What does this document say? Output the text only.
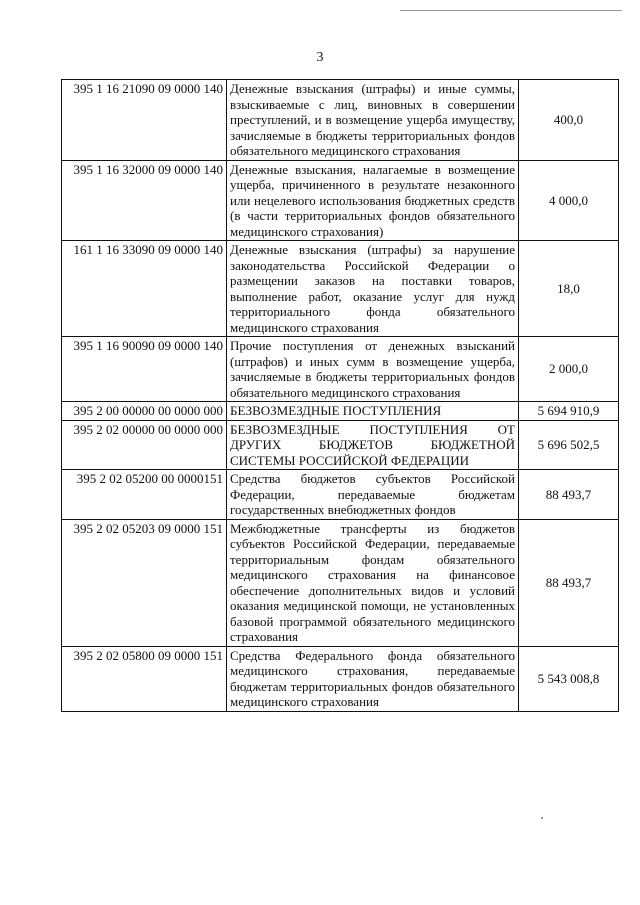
3
395 1 16 21090 09 0000 140	Денежные взыскания (штрафы) и иные суммы, взыскиваемые с лиц, виновных в совершении преступлений, и в возмещение ущерба имуществу, зачисляемые в бюджеты территориальных фондов обязательного медицинского страхования	400,0
395 1 16 32000 09 0000 140	Денежные взыскания, налагаемые в возмещение ущерба, причиненного в результате незаконного или нецелевого использования бюджетных средств (в части территориальных фондов обязательного медицинского страхования)	4 000,0
161 1 16 33090 09 0000 140	Денежные взыскания (штрафы) за нарушение законодательства Российской Федерации о размещении заказов на поставки товаров, выполнение работ, оказание услуг для нужд территориального фонда обязательного медицинского страхования	18,0
395 1 16 90090 09 0000 140	Прочие поступления от денежных взысканий (штрафов) и иных сумм в возмещение ущерба, зачисляемые в бюджеты территориальных фондов обязательного медицинского страхования	2 000,0
395 2 00 00000 00 0000 000	БЕЗВОЗМЕЗДНЫЕ ПОСТУПЛЕНИЯ	5 694 910,9
395 2 02 00000 00 0000 000	БЕЗВОЗМЕЗДНЫЕ ПОСТУПЛЕНИЯ ОТ ДРУГИХ БЮДЖЕТОВ БЮДЖЕТНОЙ СИСТЕМЫ РОССИЙСКОЙ ФЕДЕРАЦИИ	5 696 502,5
395 2 02 05200 00 0000151	Средства бюджетов субъектов Российской Федерации, передаваемые бюджетам государственных внебюджетных фондов	88 493,7
395 2 02 05203 09 0000 151	Межбюджетные трансферты из бюджетов субъектов Российской Федерации, передаваемые территориальным фондам обязательного медицинского страхования на финансовое обеспечение дополнительных видов и условий оказания медицинской помощи, не установленных базовой программой обязательного медицинского страхования	88 493,7
395 2 02 05800 09 0000 151	Средства Федерального фонда обязательного медицинского страхования, передаваемые бюджетам территориальных фондов обязательного медицинского страхования	5 543 008,8
